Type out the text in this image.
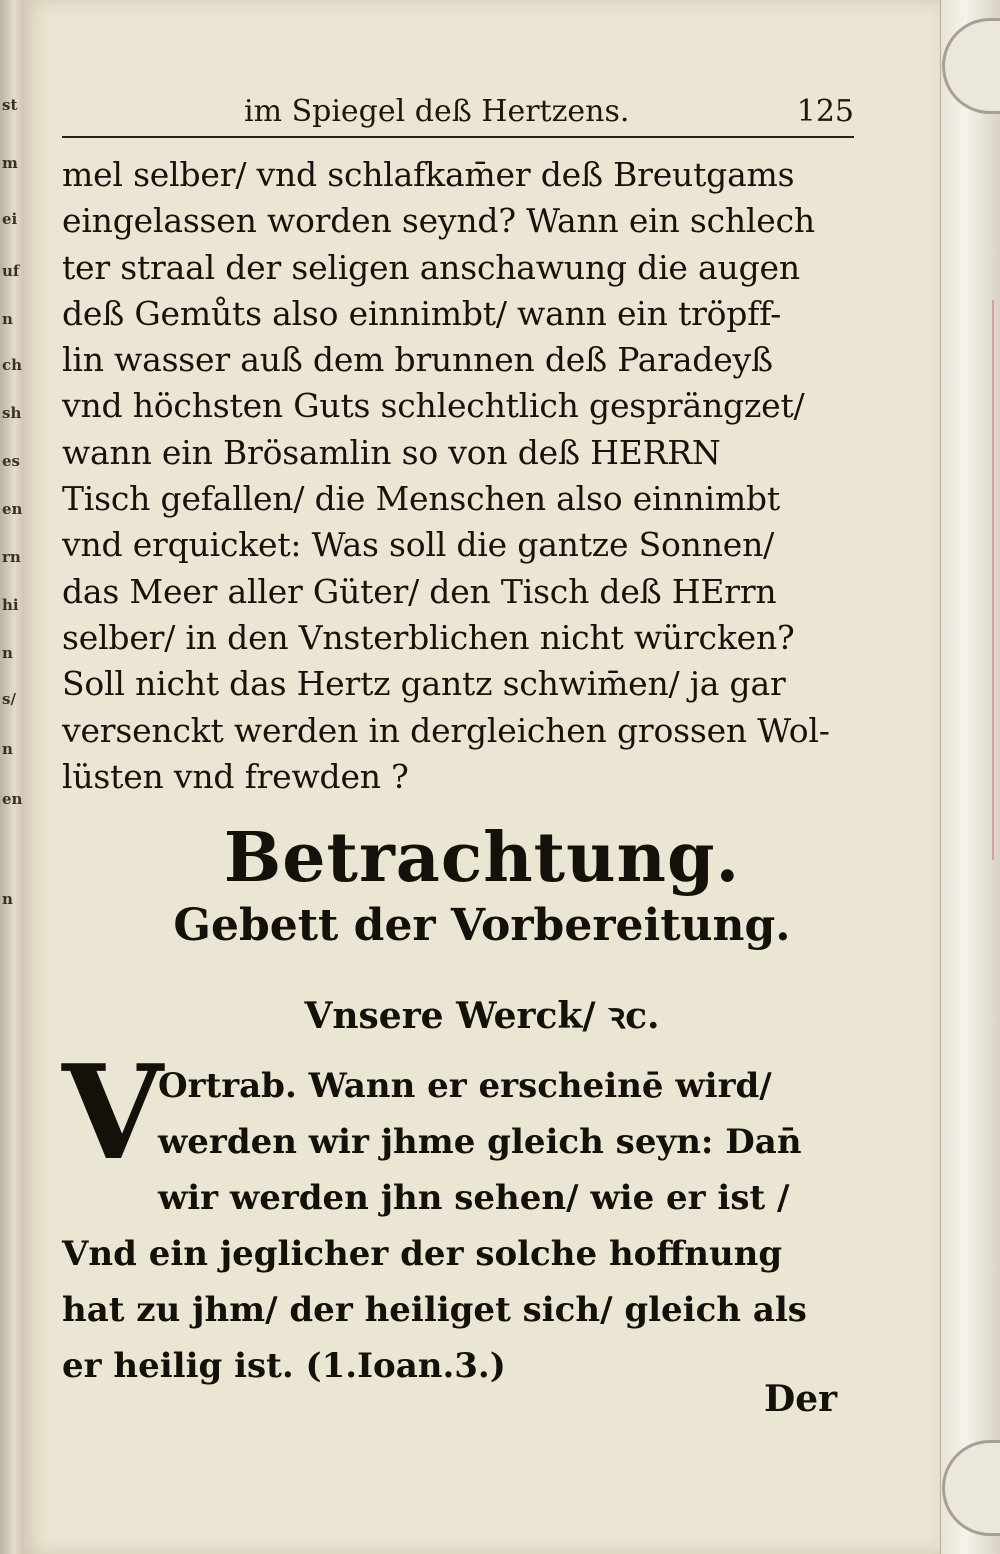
st
m
ei
uf
n
ch
sh
es
en
rn
hi
n
s/
n
en
n
im Spiegel deß Hertzens.	125
mel selber/ vnd schlafkam̄er deß Breutgams
eingelassen worden seynd? Wann ein schlech
ter straal der seligen anschawung die augen
deß Gemůts also einnimbt/ wann ein tröpff-
lin wasser auß dem brunnen deß Paradeyß
vnd höchsten Guts schlechtlich gesprängzet/
wann ein Brösamlin so von deß HERRN
Tisch gefallen/ die Menschen also einnimbt
vnd erquicket: Was soll die gantze Sonnen/
das Meer aller Güter/ den Tisch deß HErrn
selber/ in den Vnsterblichen nicht würcken?
Soll nicht das Hertz gantz schwim̄en/ ja gar
versenckt werden in dergleichen grossen Wol-
lüsten vnd frewden ?
Betrachtung.
Gebett der Vorbereitung.
Vnsere Werck/ ꝛc.
V
Ortrab. Wann er erscheinē wird/
werden wir jhme gleich seyn: Dan̄
wir werden jhn sehen/ wie er ist /
Vnd ein jeglicher der solche hoffnung
hat zu jhm/ der heiliget sich/ gleich als
er heilig ist. (1.Ioan.3.)
Der
